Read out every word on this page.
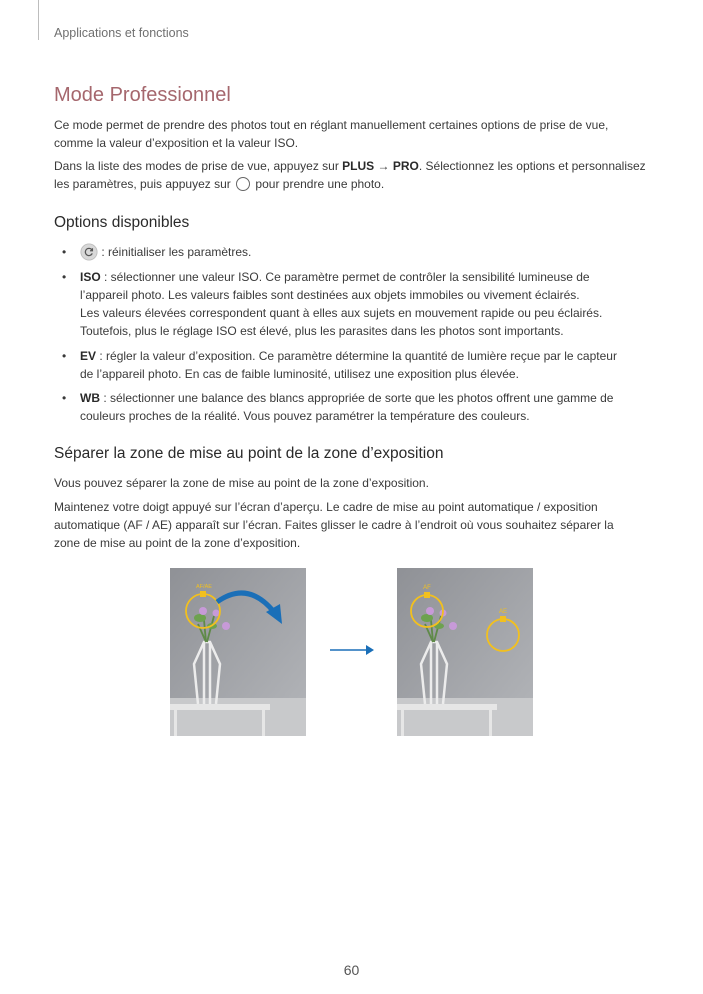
Applications et fonctions
Mode Professionnel

Ce mode permet de prendre des photos tout en réglant manuellement certaines options de prise de vue,
comme la valeur d’exposition et la valeur ISO.

Dans la liste des modes de prise de vue, appuyez sur PLUS → PRO. Sélectionnez les options et personnalisez
les paramètres, puis appuyez sur  pour prendre une photo.

Options disponibles
•	: réinitialiser les paramètres.
• ISO : sélectionner une valeur ISO. Ce paramètre permet de contrôler la sensibilité lumineuse de
l’appareil photo. Les valeurs faibles sont destinées aux objets immobiles ou vivement éclairés.
Les valeurs élevées correspondent quant à elles aux sujets en mouvement rapide ou peu éclairés.
Toutefois, plus le réglage ISO est élevé, plus les parasites dans les photos sont importants.
• EV : régler la valeur d’exposition. Ce paramètre détermine la quantité de lumière reçue par le capteur
de l’appareil photo. En cas de faible luminosité, utilisez une exposition plus élevée.
• WB : sélectionner une balance des blancs appropriée de sorte que les photos offrent une gamme de
couleurs proches de la réalité. Vous pouvez paramétrer la température des couleurs.
Séparer la zone de mise au point de la zone d’exposition

Vous pouvez séparer la zone de mise au point de la zone d’exposition.

Maintenez votre doigt appuyé sur l’écran d’aperçu. Le cadre de mise au point automatique / exposition
automatique (AF / AE) apparaît sur l’écran. Faites glisser le cadre à l’endroit où vous souhaitez séparer la
zone de mise au point de la zone d’exposition.

AF/AE	AF
AE
60
